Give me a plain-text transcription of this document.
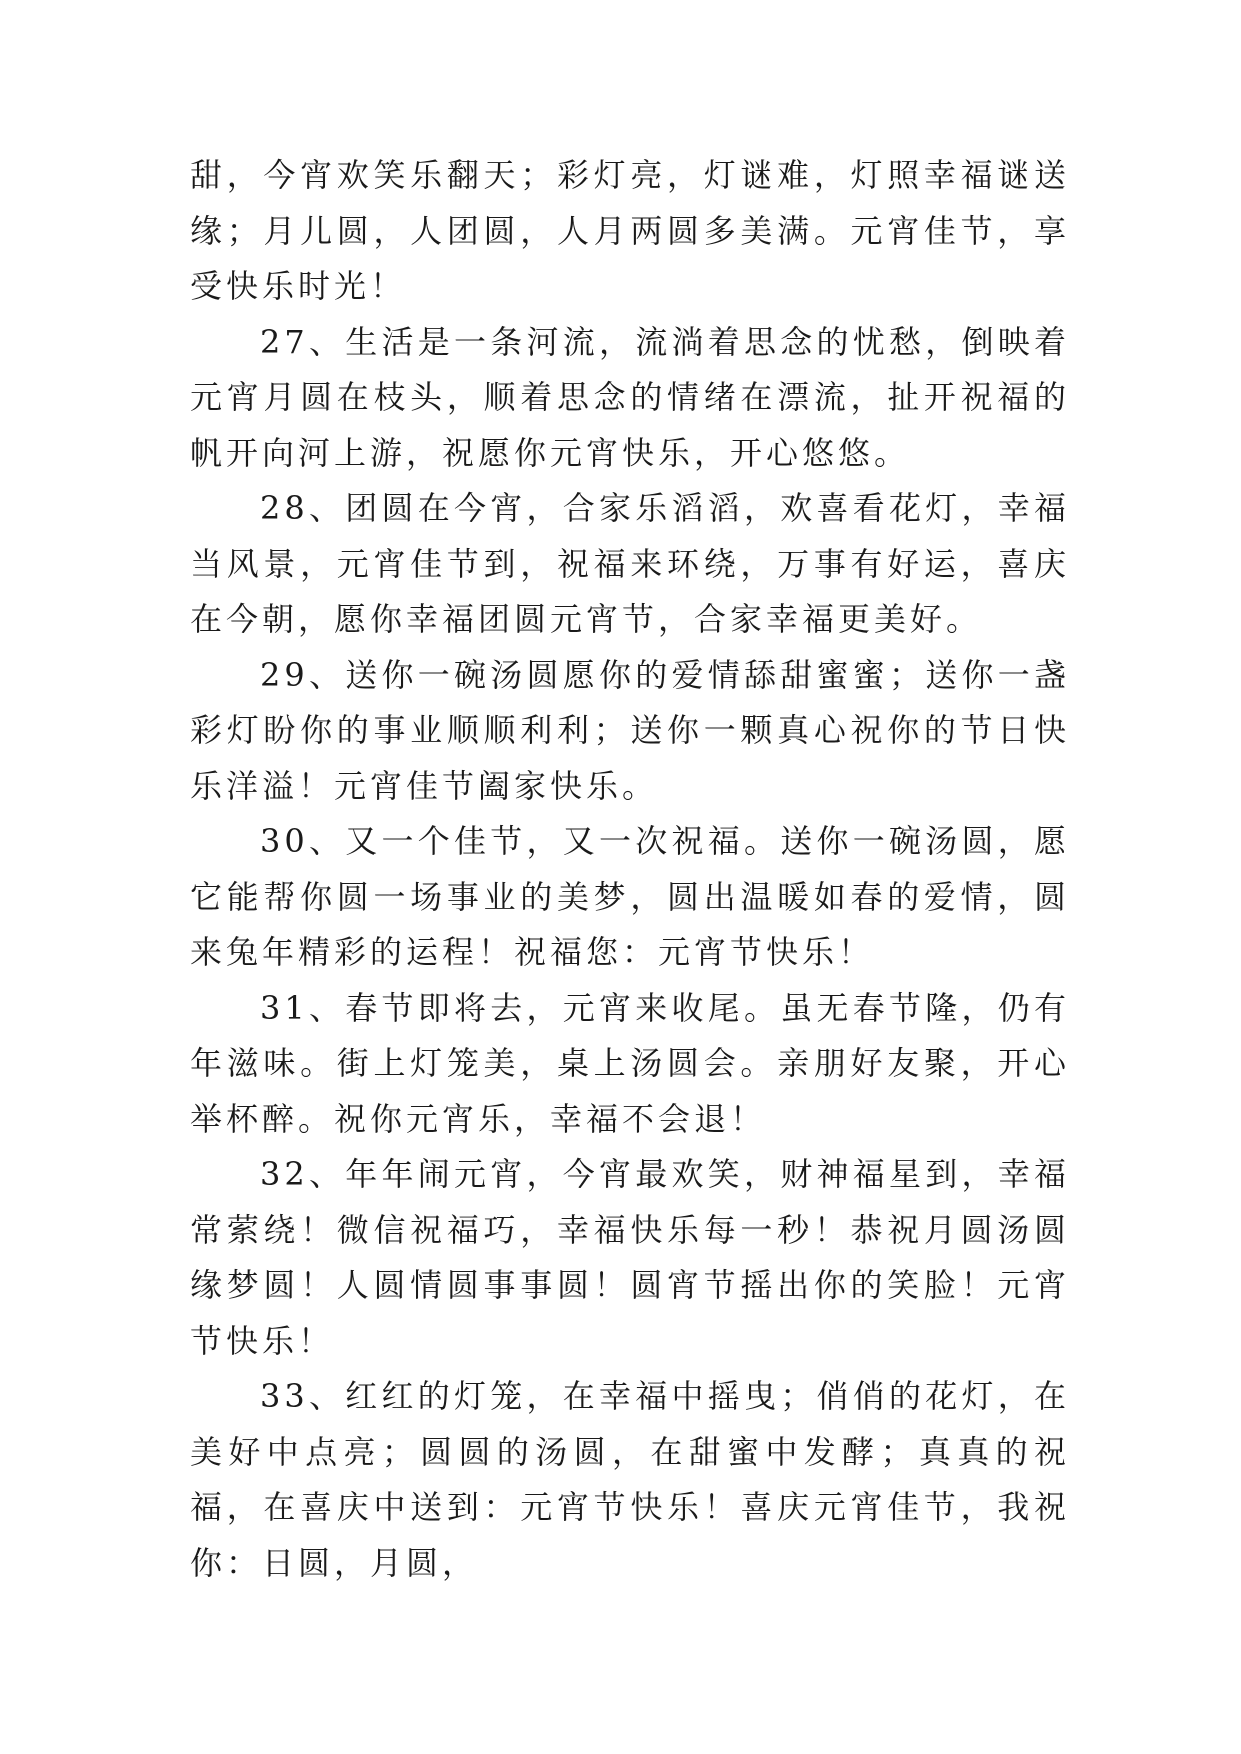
甜，今宵欢笑乐翻天；彩灯亮，灯谜难，灯照幸福谜送缘；月儿圆，人团圆，人月两圆多美满。元宵佳节，享受快乐时光！

27、生活是一条河流，流淌着思念的忧愁，倒映着元宵月圆在枝头，顺着思念的情绪在漂流，扯开祝福的帆开向河上游，祝愿你元宵快乐，开心悠悠。

28、团圆在今宵，合家乐滔滔，欢喜看花灯，幸福当风景，元宵佳节到，祝福来环绕，万事有好运，喜庆在今朝，愿你幸福团圆元宵节，合家幸福更美好。

29、送你一碗汤圆愿你的爱情舔甜蜜蜜；送你一盏彩灯盼你的事业顺顺利利；送你一颗真心祝你的节日快乐洋溢！元宵佳节阖家快乐。

30、又一个佳节，又一次祝福。送你一碗汤圆，愿它能帮你圆一场事业的美梦，圆出温暖如春的爱情，圆来兔年精彩的运程！祝福您：元宵节快乐！

31、春节即将去，元宵来收尾。虽无春节隆，仍有年滋味。街上灯笼美，桌上汤圆会。亲朋好友聚，开心举杯醉。祝你元宵乐，幸福不会退！

32、年年闹元宵，今宵最欢笑，财神福星到，幸福常萦绕！微信祝福巧，幸福快乐每一秒！恭祝月圆汤圆缘梦圆！人圆情圆事事圆！圆宵节摇出你的笑脸！元宵节快乐！

33、红红的灯笼，在幸福中摇曳；俏俏的花灯，在美好中点亮；圆圆的汤圆，在甜蜜中发酵；真真的祝福，在喜庆中送到：元宵节快乐！喜庆元宵佳节，我祝你：日圆，月圆，
